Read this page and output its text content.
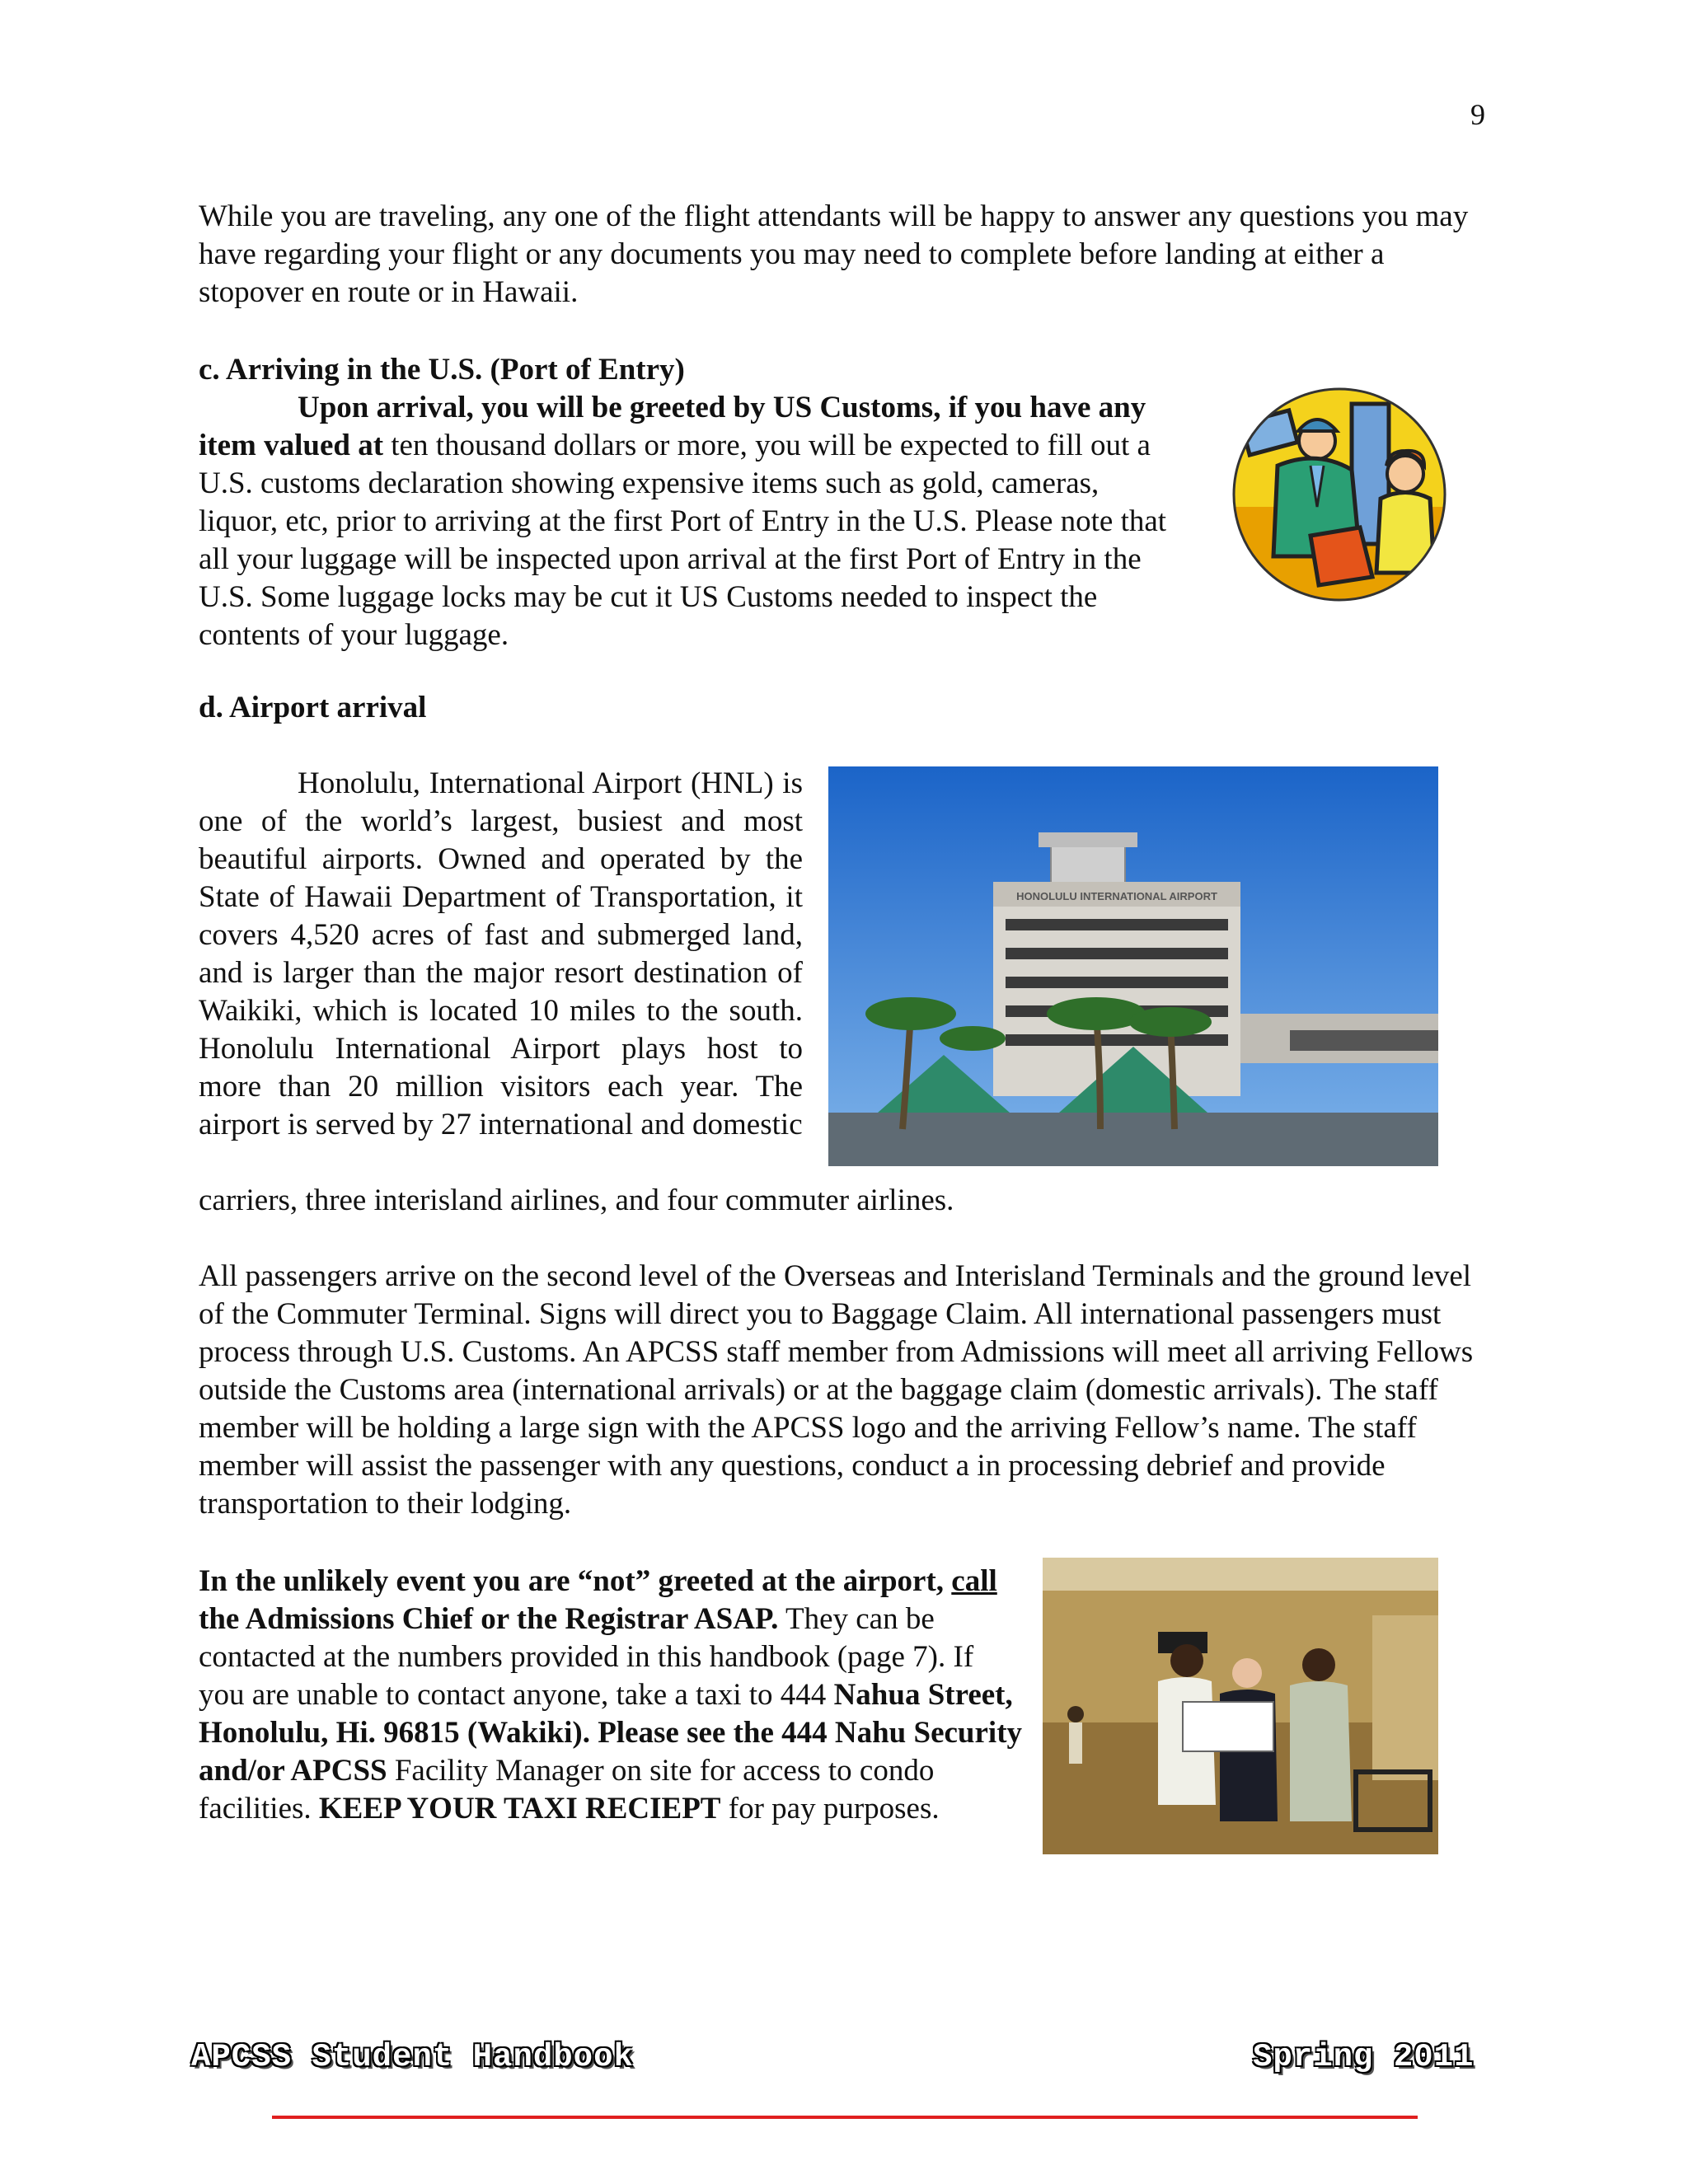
9
While you are traveling, any one of the flight attendants will be happy to answer any questions you may have regarding your flight or any documents you may need to complete before landing at either a stopover en route or in Hawaii.
c. Arriving in the U.S. (Port of Entry)
Upon arrival, you will be greeted by US Customs, if you have any item valued at ten thousand dollars or more, you will be expected to fill out a U.S. customs declaration showing expensive items such as gold, cameras, liquor, etc, prior to arriving at the first Port of Entry in the U.S. Please note that all your luggage will be inspected upon arrival at the first Port of Entry in the U.S. Some luggage locks may be cut it US Customs needed to inspect the contents of your luggage.
d. Airport arrival
Honolulu, International Airport (HNL) is one of the world’s largest, busiest and most beautiful airports. Owned and operated by the State of Hawaii Department of Transportation, it covers 4,520 acres of fast and submerged land, and is larger than the major resort destination of Waikiki, which is located 10 miles to the south. Honolulu International Airport plays host to more than 20 million visitors each year. The airport is served by 27 international and domestic
carriers, three interisland airlines, and four commuter airlines.
HONOLULU INTERNATIONAL AIRPORT
All passengers arrive on the second level of the Overseas and Interisland Terminals and the ground level of the Commuter Terminal. Signs will direct you to Baggage Claim. All international passengers must process through U.S. Customs. An APCSS staff member from Admissions will meet all arriving Fellows outside the Customs area (international arrivals) or at the baggage claim (domestic arrivals). The staff member will be holding a large sign with the APCSS logo and the arriving Fellow’s name. The staff member will assist the passenger with any questions, conduct a in processing debrief and provide transportation to their lodging.
In the unlikely event you are “not” greeted at the airport, call the Admissions Chief or the Registrar ASAP. They can be contacted at the numbers provided in this handbook (page 7). If you are unable to contact anyone, take a taxi to 444 Nahua Street, Honolulu, Hi. 96815 (Wakiki). Please see the 444 Nahu Security and/or APCSS Facility Manager on site for access to condo facilities. KEEP YOUR TAXI RECIEPT for pay purposes.
APCSS Student Handbook	Spring 2011
